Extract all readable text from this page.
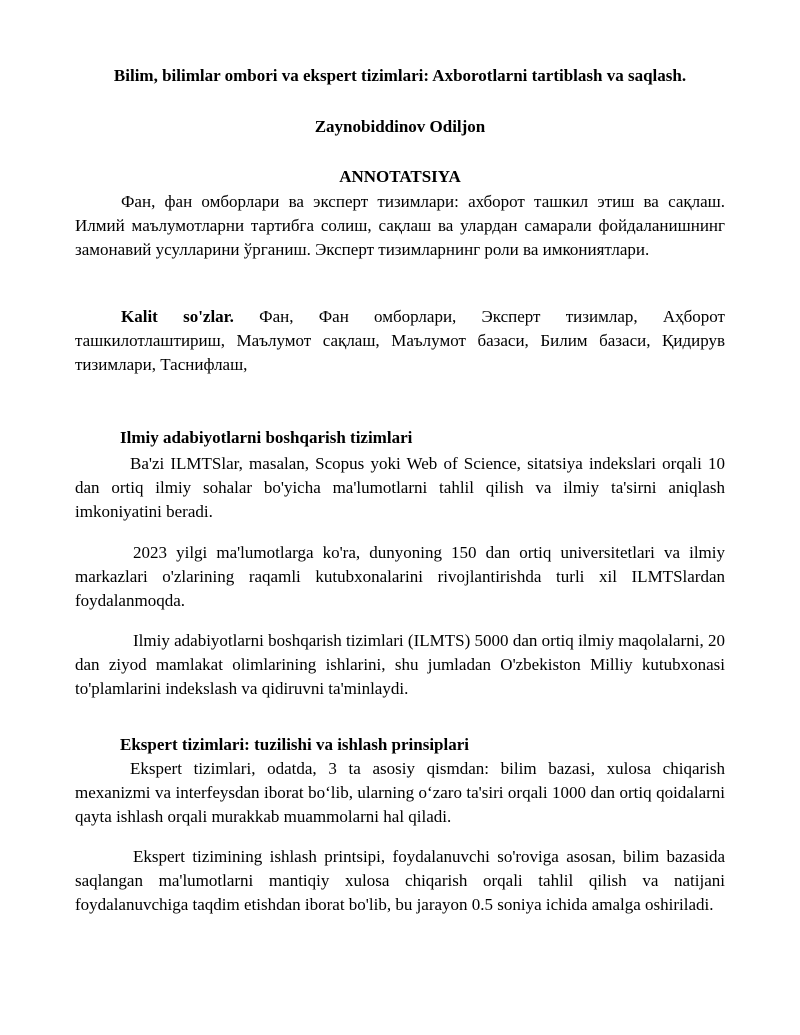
Bilim, bilimlar ombori va ekspert tizimlari: Axborotlarni tartiblash va saqlash.
Zaynobiddinov Odiljon
ANNOTATSIYA

Фан, фан омборлари ва эксперт тизимлари: ахборот ташкил этиш ва сақлаш. Илмий маълумотларни тартибга солиш, сақлаш ва улардан самарали фойдаланишнинг замонавий усулларини ўрганиш. Эксперт тизимларнинг роли ва имкониятлари.

Kalit so'zlar. Фан, Фан омборлари, Эксперт тизимлар, Аҳборот ташкилотлаштириш, Маълумот сақлаш, Маълумот базаси, Билим базаси, Қидирув тизимлари, Таснифлаш,

Ilmiy adabiyotlarni boshqarish tizimlari

Ba'zi ILMTSlar, masalan, Scopus yoki Web of Science, sitatsiya indekslari orqali 10 dan ortiq ilmiy sohalar bo'yicha ma'lumotlarni tahlil qilish va ilmiy ta'sirni aniqlash imkoniyatini beradi.

2023 yilgi ma'lumotlarga ko'ra, dunyoning 150 dan ortiq universitetlari va ilmiy markazlari o'zlarining raqamli kutubxonalarini rivojlantirishda turli xil ILMTSlardan foydalanmoqda.

Ilmiy adabiyotlarni boshqarish tizimlari (ILMTS) 5000 dan ortiq ilmiy maqolalarni, 20 dan ziyod mamlakat olimlarining ishlarini, shu jumladan O'zbekiston Milliy kutubxonasi to'plamlarini indekslash va qidiruvni ta'minlaydi.

Ekspert tizimlari: tuzilishi va ishlash prinsiplari

Ekspert tizimlari, odatda, 3 ta asosiy qismdan: bilim bazasi, xulosa chiqarish mexanizmi va interfeysdan iborat bo‘lib, ularning o‘zaro ta'siri orqali 1000 dan ortiq qoidalarni qayta ishlash orqali murakkab muammolarni hal qiladi.

Ekspert tizimining ishlash printsipi, foydalanuvchi so'roviga asosan, bilim bazasida saqlangan ma'lumotlarni mantiqiy xulosa chiqarish orqali tahlil qilish va natijani foydalanuvchiga taqdim etishdan iborat bo'lib, bu jarayon 0.5 soniya ichida amalga oshiriladi.
